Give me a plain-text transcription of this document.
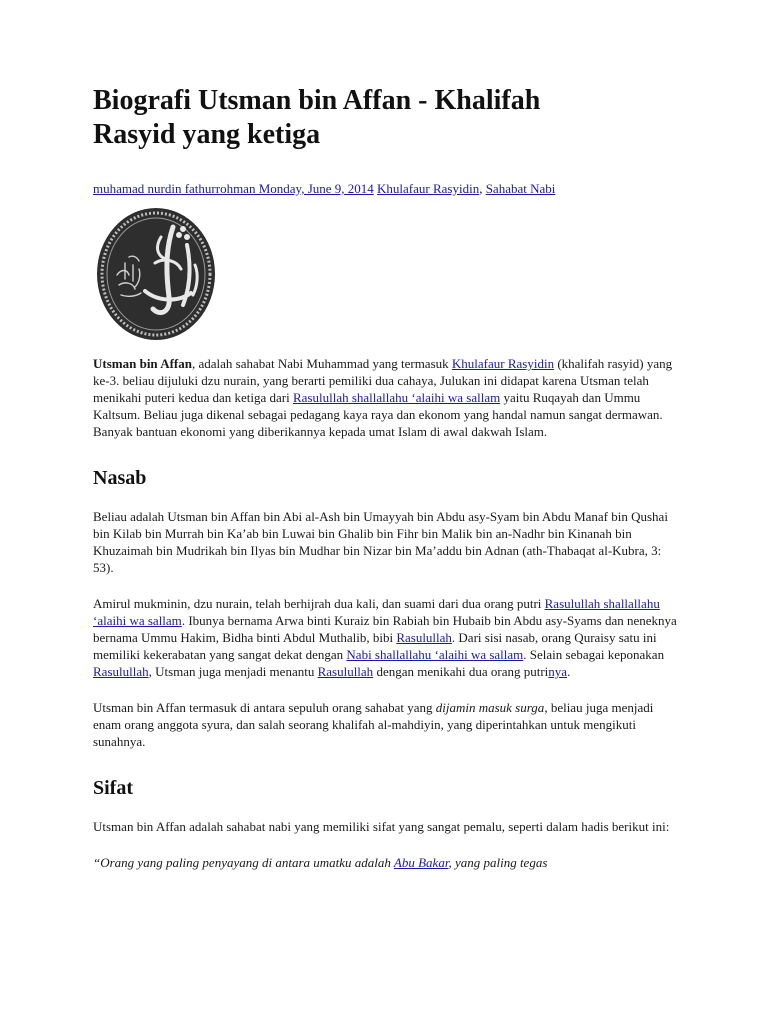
Biografi Utsman bin Affan - Khalifah
Rasyid yang ketiga
muhamad nurdin fathurrohman Monday, June 9, 2014 Khulafaur Rasyidin, Sahabat Nabi

Utsman bin Affan, adalah sahabat Nabi Muhammad yang termasuk Khulafaur Rasyidin (khalifah rasyid) yang ke-3. beliau dijuluki dzu nurain, yang berarti pemiliki dua cahaya, Julukan ini didapat karena Utsman telah menikahi puteri kedua dan ketiga dari Rasulullah shallallahu ‘alaihi wa sallam yaitu Ruqayah dan Ummu Kaltsum. Beliau juga dikenal sebagai pedagang kaya raya dan ekonom yang handal namun sangat dermawan. Banyak bantuan ekonomi yang diberikannya kepada umat Islam di awal dakwah Islam.

Nasab

Beliau adalah Utsman bin Affan bin Abi al-Ash bin Umayyah bin Abdu asy-Syam bin Abdu Manaf bin Qushai bin Kilab bin Murrah bin Ka’ab bin Luwai bin Ghalib bin Fihr bin Malik bin an-Nadhr bin Kinanah bin Khuzaimah bin Mudrikah bin Ilyas bin Mudhar bin Nizar bin Ma’addu bin Adnan (ath-Thabaqat al-Kubra, 3: 53).

Amirul mukminin, dzu nurain, telah berhijrah dua kali, dan suami dari dua orang putri Rasulullah shallallahu ‘alaihi wa sallam. Ibunya bernama Arwa binti Kuraiz bin Rabiah bin Hubaib bin Abdu asy-Syams dan neneknya bernama Ummu Hakim, Bidha binti Abdul Muthalib, bibi Rasulullah. Dari sisi nasab, orang Quraisy satu ini memiliki kekerabatan yang sangat dekat dengan Nabi shallallahu ‘alaihi wa sallam. Selain sebagai keponakan Rasulullah, Utsman juga menjadi menantu Rasulullah dengan menikahi dua orang putrinya.

Utsman bin Affan termasuk di antara sepuluh orang sahabat yang dijamin masuk surga, beliau juga menjadi enam orang anggota syura, dan salah seorang khalifah al-mahdiyin, yang diperintahkan untuk mengikuti sunahnya.

Sifat

Utsman bin Affan adalah sahabat nabi yang memiliki sifat yang sangat pemalu, seperti dalam hadis berikut ini:

“Orang yang paling penyayang di antara umatku adalah Abu Bakar, yang paling tegas
